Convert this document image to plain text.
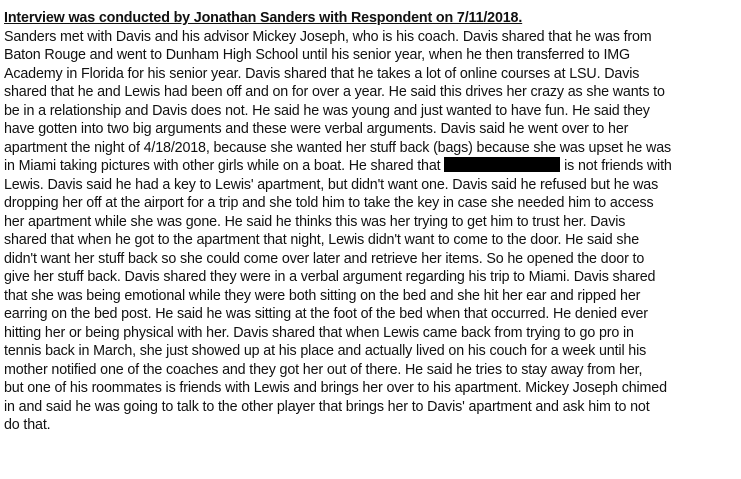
Interview was conducted by Jonathan Sanders with Respondent on 7/11/2018.
Sanders met with Davis and his advisor Mickey Joseph, who is his coach. Davis shared that he was from
Baton Rouge and went to Dunham High School until his senior year, when he then transferred to IMG
Academy in Florida for his senior year. Davis shared that he takes a lot of online courses at LSU. Davis
shared that he and Lewis had been off and on for over a year. He said this drives her crazy as she wants to
be in a relationship and Davis does not. He said he was young and just wanted to have fun. He said they
have gotten into two big arguments and these were verbal arguments. Davis said he went over to her
apartment the night of 4/18/2018, because she wanted her stuff back (bags) because she was upset he was
in Miami taking pictures with other girls while on a boat. He shared that	is not friends with
Lewis. Davis said he had a key to Lewis' apartment, but didn't want one. Davis said he refused but he was
dropping her off at the airport for a trip and she told him to take the key in case she needed him to access
her apartment while she was gone. He said he thinks this was her trying to get him to trust her. Davis
shared that when he got to the apartment that night, Lewis didn't want to come to the door. He said she
didn't want her stuff back so she could come over later and retrieve her items. So he opened the door to
give her stuff back. Davis shared they were in a verbal argument regarding his trip to Miami. Davis shared
that she was being emotional while they were both sitting on the bed and she hit her ear and ripped her
earring on the bed post. He said he was sitting at the foot of the bed when that occurred. He denied ever
hitting her or being physical with her. Davis shared that when Lewis came back from trying to go pro in
tennis back in March, she just showed up at his place and actually lived on his couch for a week until his
mother notified one of the coaches and they got her out of there. He said he tries to stay away from her,
but one of his roommates is friends with Lewis and brings her over to his apartment. Mickey Joseph chimed
in and said he was going to talk to the other player that brings her to Davis' apartment and ask him to not
do that.
